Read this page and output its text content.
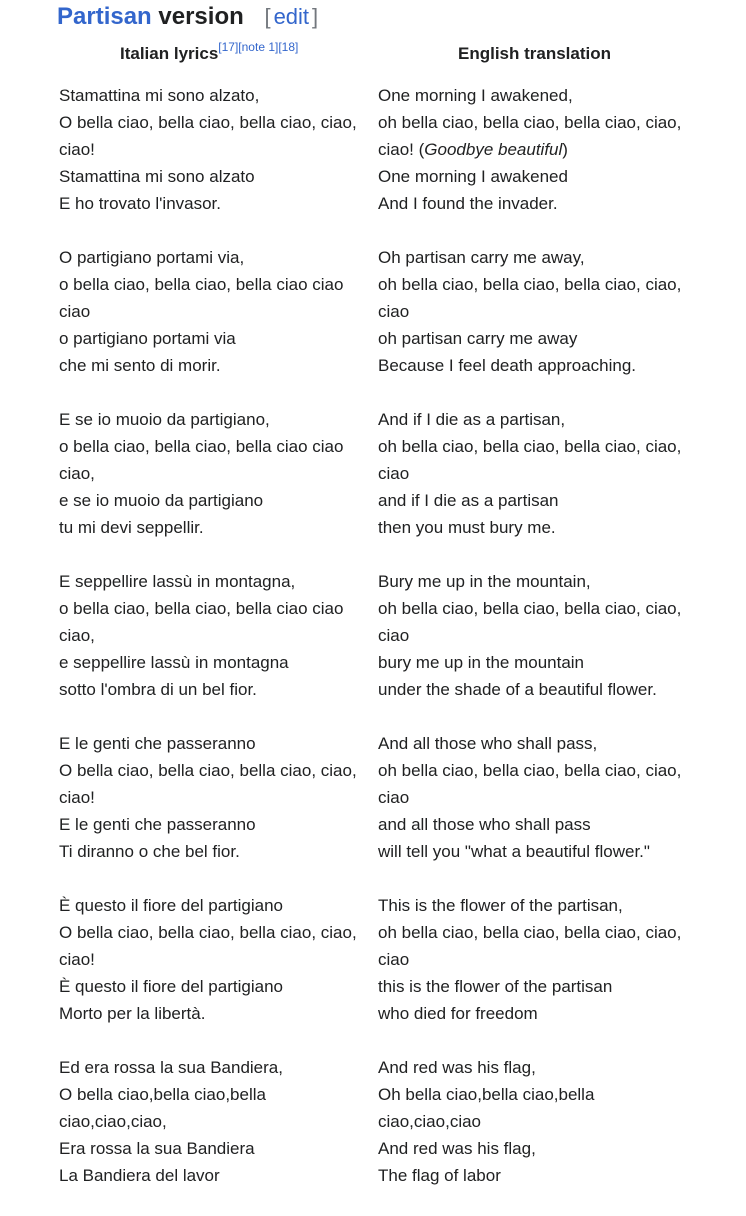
Partisan version [ edit ]
Italian lyrics[17][note 1][18]	English translation
Stamattina mi sono alzato,
O bella ciao, bella ciao, bella ciao, ciao,
ciao!
Stamattina mi sono alzato
E ho trovato l'invasor.
O partigiano portami via,
o bella ciao, bella ciao, bella ciao ciao
ciao
o partigiano portami via
che mi sento di morir.
E se io muoio da partigiano,
o bella ciao, bella ciao, bella ciao ciao
ciao,
e se io muoio da partigiano
tu mi devi seppellir.
E seppellire lassù in montagna,
o bella ciao, bella ciao, bella ciao ciao
ciao,
e seppellire lassù in montagna
sotto l'ombra di un bel fior.
E le genti che passeranno
O bella ciao, bella ciao, bella ciao, ciao,
ciao!
E le genti che passeranno
Ti diranno o che bel fior.
È questo il fiore del partigiano
O bella ciao, bella ciao, bella ciao, ciao,
ciao!
È questo il fiore del partigiano
Morto per la libertà.
Ed era rossa la sua Bandiera,
O bella ciao,bella ciao,bella
ciao,ciao,ciao,
Era rossa la sua Bandiera
La Bandiera del lavor
One morning I awakened,
oh bella ciao, bella ciao, bella ciao, ciao,
ciao! (Goodbye beautiful)
One morning I awakened
And I found the invader.
Oh partisan carry me away,
oh bella ciao, bella ciao, bella ciao, ciao,
ciao
oh partisan carry me away
Because I feel death approaching.
And if I die as a partisan,
oh bella ciao, bella ciao, bella ciao, ciao,
ciao
and if I die as a partisan
then you must bury me.
Bury me up in the mountain,
oh bella ciao, bella ciao, bella ciao, ciao,
ciao
bury me up in the mountain
under the shade of a beautiful flower.
And all those who shall pass,
oh bella ciao, bella ciao, bella ciao, ciao,
ciao
and all those who shall pass
will tell you "what a beautiful flower."
This is the flower of the partisan,
oh bella ciao, bella ciao, bella ciao, ciao,
ciao
this is the flower of the partisan
who died for freedom
And red was his flag,
Oh bella ciao,bella ciao,bella
ciao,ciao,ciao
And red was his flag,
The flag of labor
